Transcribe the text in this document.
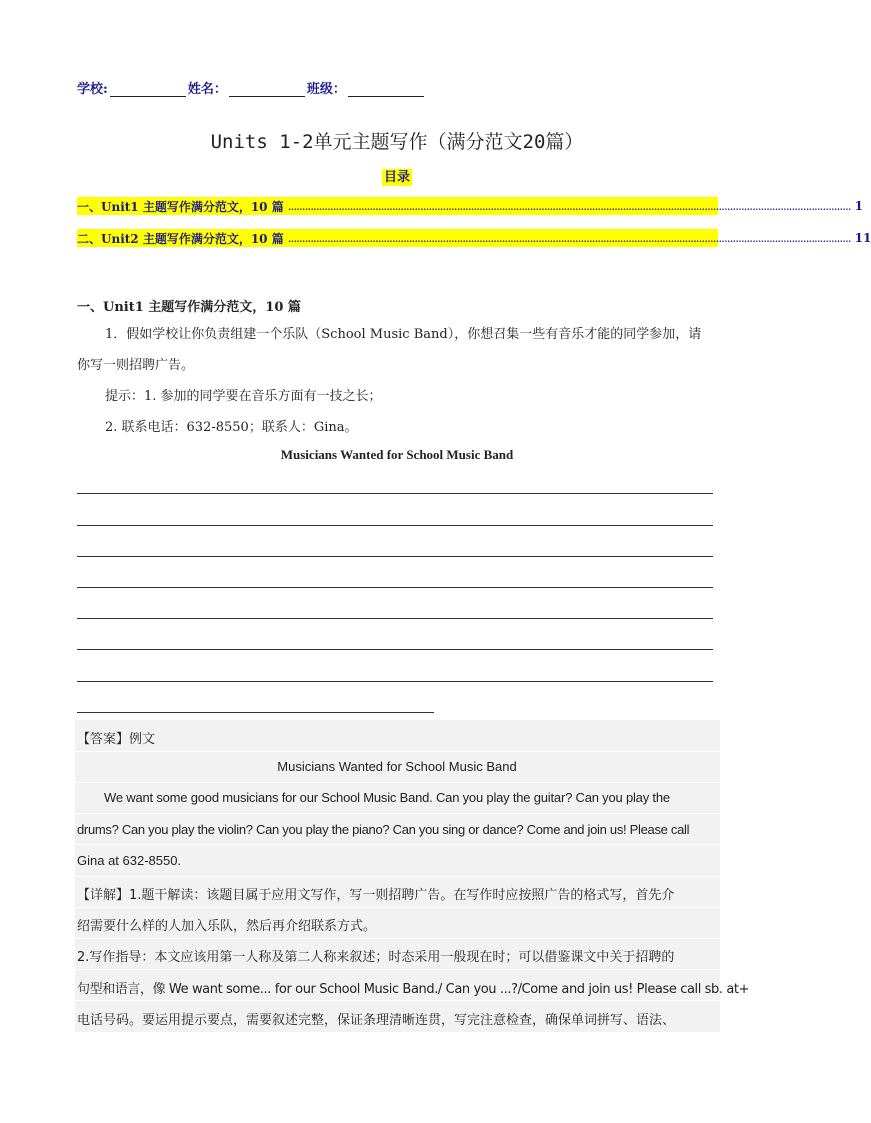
学校:	姓名：	班级：
Units 1-2单元主题写作（满分范文20篇）
目录
一、Unit1 主题写作满分范文，10 篇 ........................................................................................................................................................................................................ 1
二、Unit2 主题写作满分范文，10 篇 ........................................................................................................................................................................................................ 11
一、Unit1 主题写作满分范文，10 篇
1．假如学校让你负责组建一个乐队（School Music Band），你想召集一些有音乐才能的同学参加，请
你写一则招聘广告。
提示：1. 参加的同学要在音乐方面有一技之长；
2. 联系电话：632-8550；联系人：Gina。
Musicians Wanted for School Music Band
【答案】例文
Musicians Wanted for School Music Band
We want some good musicians for our School Music Band. Can you play the guitar? Can you play the
drums? Can you play the violin? Can you play the piano? Can you sing or dance? Come and join us! Please call
Gina at 632-8550.
【详解】1.题干解读：该题目属于应用文写作，写一则招聘广告。在写作时应按照广告的格式写，首先介
绍需要什么样的人加入乐队，然后再介绍联系方式。
2.写作指导：本文应该用第一人称及第二人称来叙述；时态采用一般现在时；可以借鉴课文中关于招聘的
句型和语言，像 We want some... for our School Music Band./ Can you ...?/Come and join us! Please call sb. at+
电话号码。要运用提示要点，需要叙述完整，保证条理清晰连贯，写完注意检查，确保单词拼写、语法、
